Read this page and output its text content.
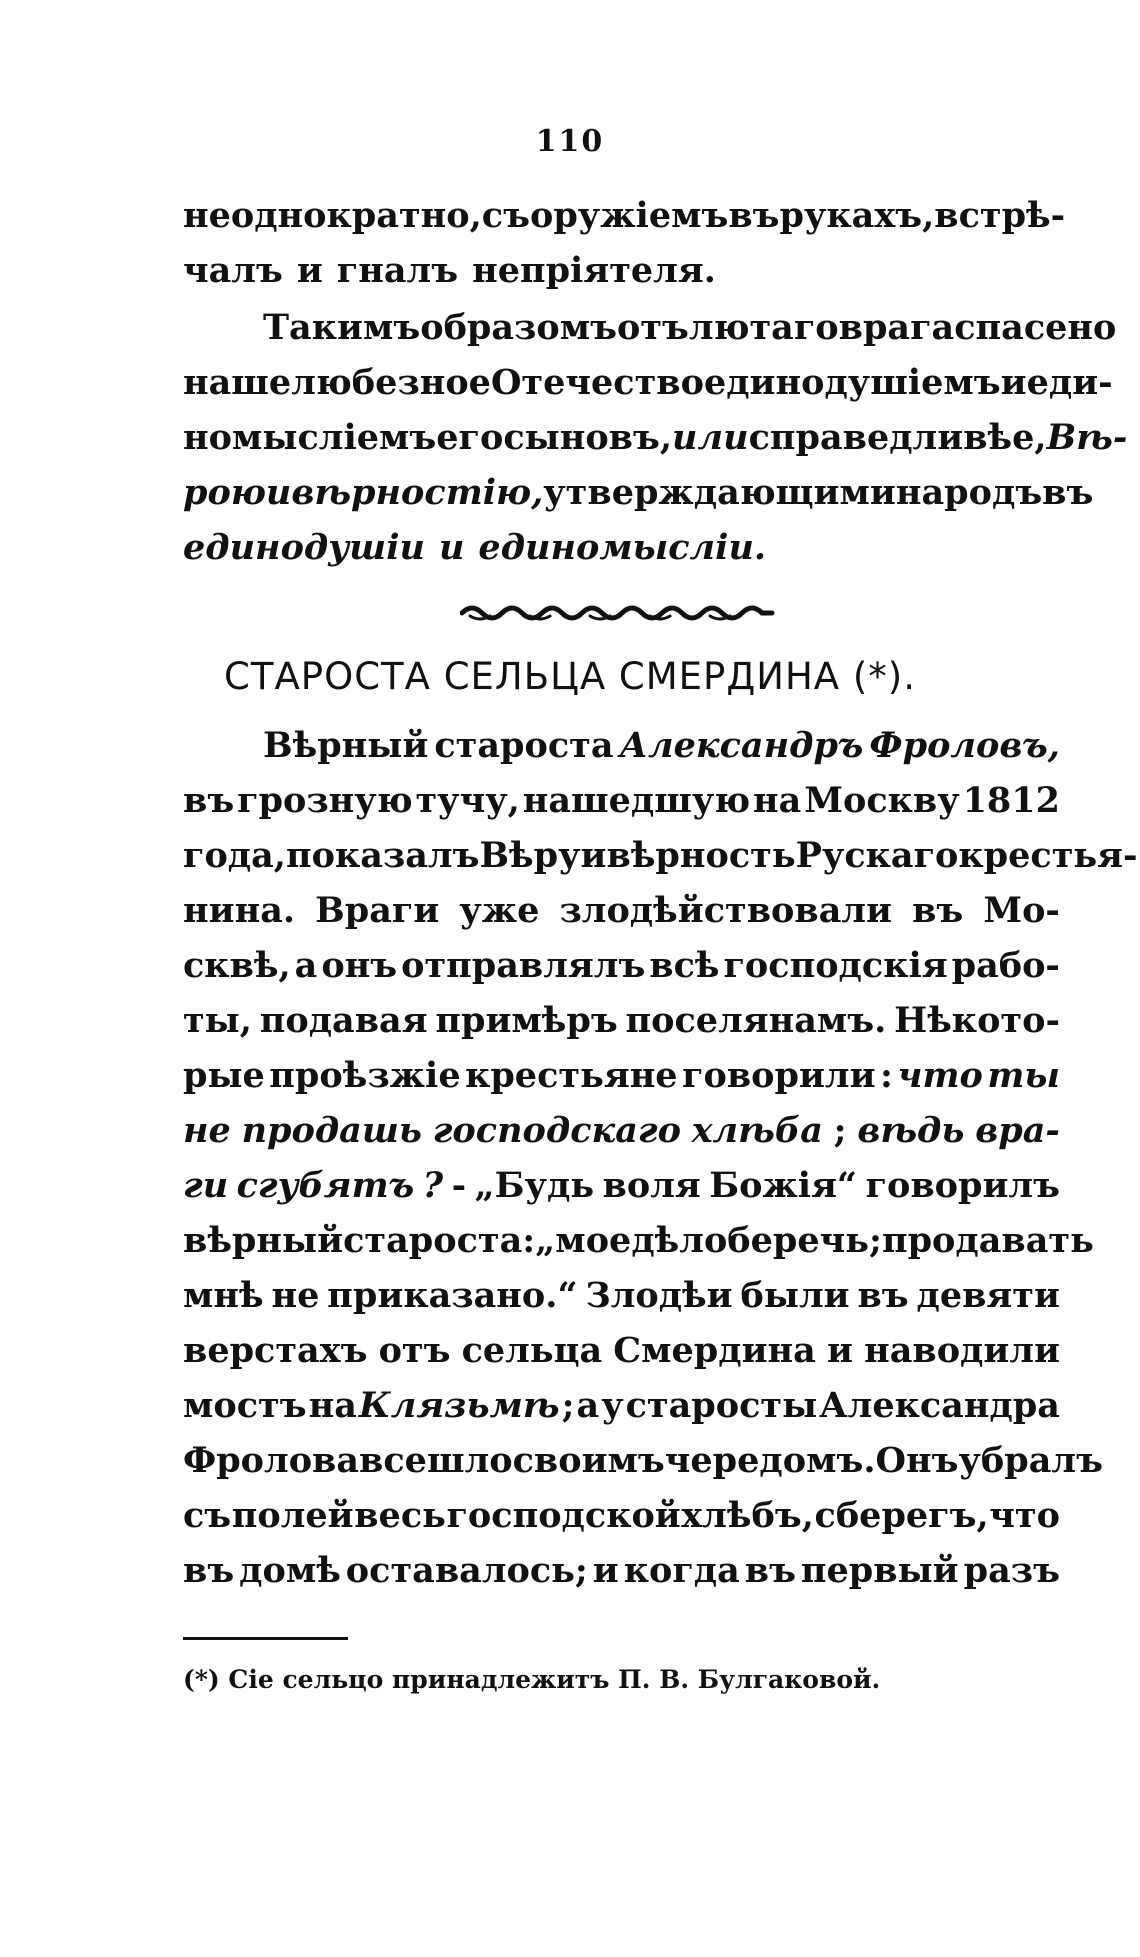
110
неоднократно, съ оружіемъ въ рукахъ, встрѣ-
чалъ и гналъ непріятеля.
Такимъ образомъ отъ лютаго врага спасено
наше любезное Отечество единодушіемъ и еди-
номысліемъ его сыновъ, или справедливѣе, Вѣ-
рою и вѣрностію, утверждающими народъ въ
единодушіи и единомысліи.
СТАРОСТА СЕЛЬЦА СМЕРДИНА (*).
Вѣрный староста Александръ Фроловъ,
въ грозную тучу, нашедшую на Москву 1812
года, показалъ Вѣру и вѣрность Рускаго крестья-
нина. Враги уже злодѣйствовали въ Мо-
сквѣ, а онъ отправлялъ всѣ господскія рабо-
ты, подавая примѣръ поселянамъ. Нѣкото-
рые проѣзжіе крестьяне говорили : что ты
не продашь господскаго хлѣба ; вѣдь вра-
ги сгубятъ ? - „Будь воля Божія“ говорилъ
вѣрный староста: „мое дѣло беречь; продавать
мнѣ не приказано.“ Злодѣи были въ девяти
верстахъ отъ сельца Смердина и наводили
мостъ на Клязьмѣ ; а у старосты Александра
Фролова все шло своимъ чередомъ. Онъ убралъ
съ полей весь господской хлѣбъ, сберегъ, что
въ домѣ оставалось; и когда въ первый разъ
(*) Сіе сельцо принадлежитъ П. В. Булгаковой.
